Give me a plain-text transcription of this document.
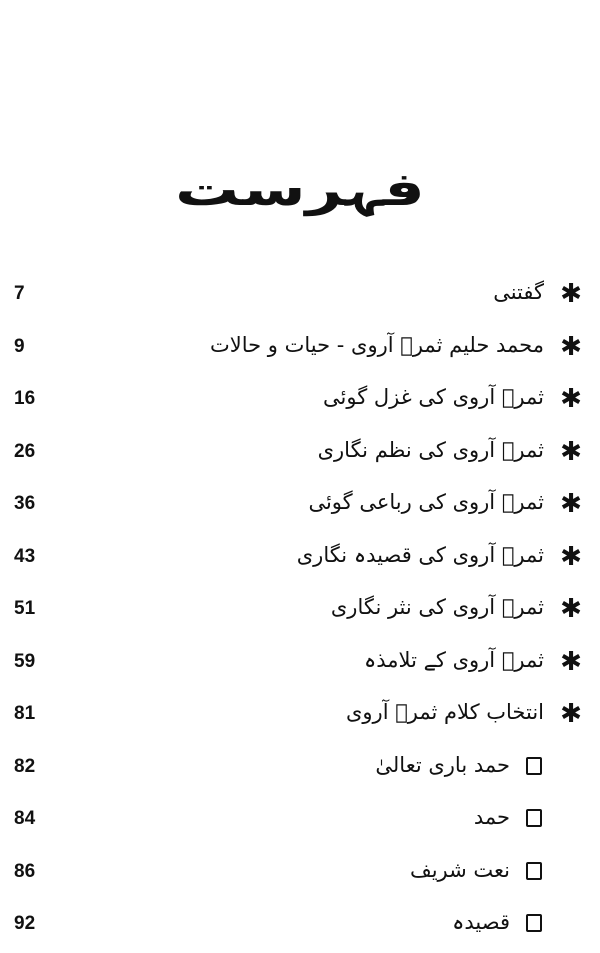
فہرست
✱
گفتنی
7
✱
محمد حلیم ثمرؔ آروی - حیات و حالات
9
✱
ثمرؔ آروی کی غزل گوئی
16
✱
ثمرؔ آروی کی نظم نگاری
26
✱
ثمرؔ آروی کی رباعی گوئی
36
✱
ثمرؔ آروی کی قصیدہ نگاری
43
✱
ثمرؔ آروی کی نثر نگاری
51
✱
ثمرؔ آروی کے تلامذہ
59
✱
انتخاب کلام ثمرؔ آروی
81
حمد باری تعالیٰ
82
حمد
84
نعت شریف
86
قصیدہ
92
